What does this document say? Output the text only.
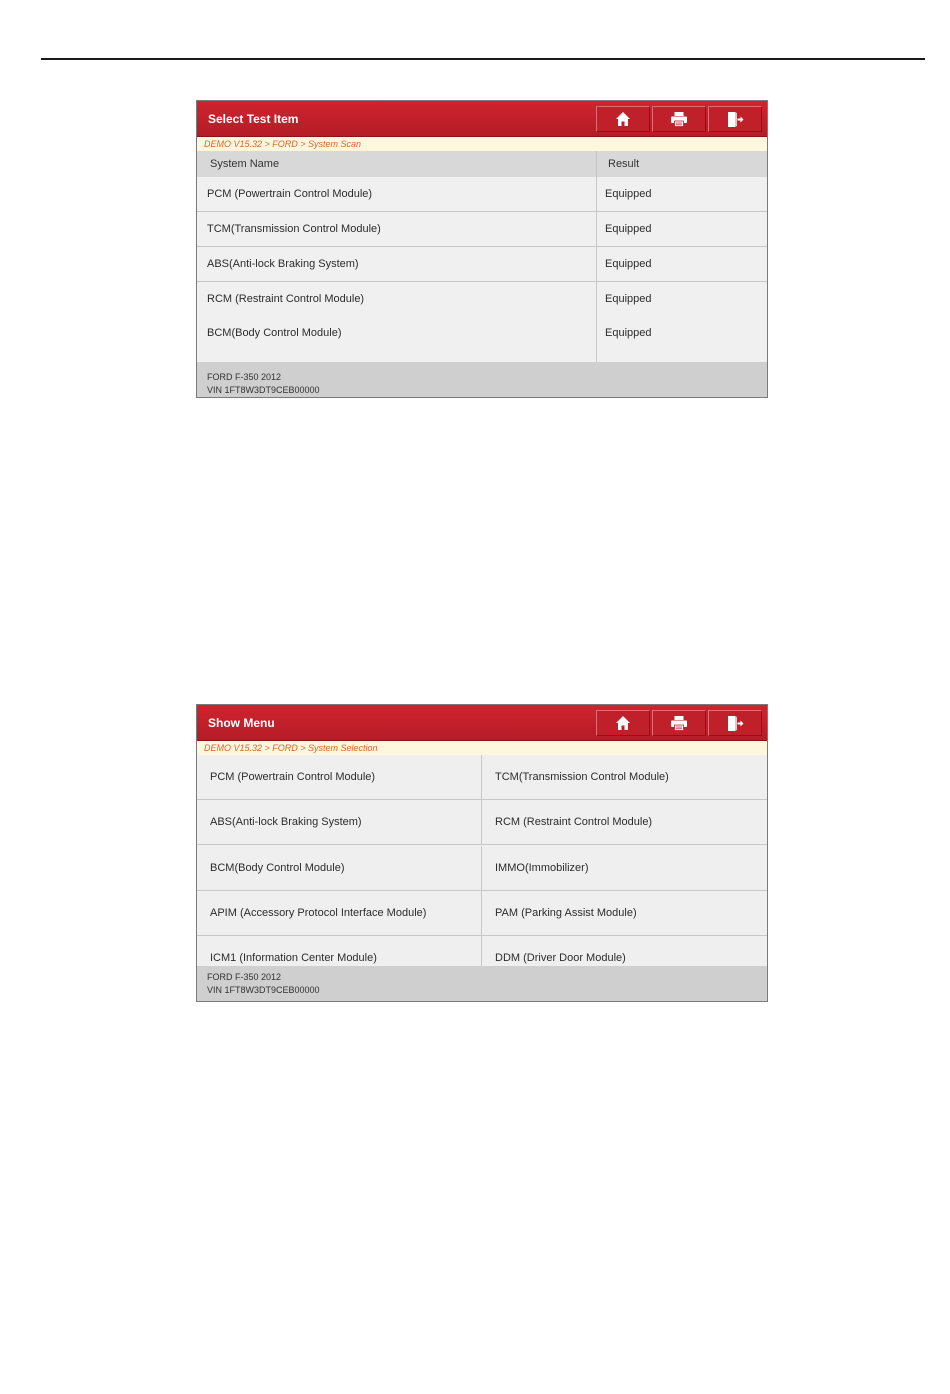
Select Test Item
DEMO V15.32 > FORD > System Scan
System Name	Result
PCM (Powertrain Control Module)	Equipped
TCM(Transmission Control Module)	Equipped
ABS(Anti-lock Braking System)	Equipped
RCM (Restraint Control Module)	Equipped
BCM(Body Control Module)	Equipped
FORD F-350 2012
VIN 1FT8W3DT9CEB00000
Show Menu
DEMO V15.32 > FORD > System Selection
PCM (Powertrain Control Module)	TCM(Transmission Control Module)
ABS(Anti-lock Braking System)	RCM (Restraint Control Module)
BCM(Body Control Module)	IMMO(Immobilizer)
APIM (Accessory Protocol Interface Module)	PAM (Parking Assist Module)
ICM1 (Information Center Module)	DDM (Driver Door Module)
FORD F-350 2012
VIN 1FT8W3DT9CEB00000
